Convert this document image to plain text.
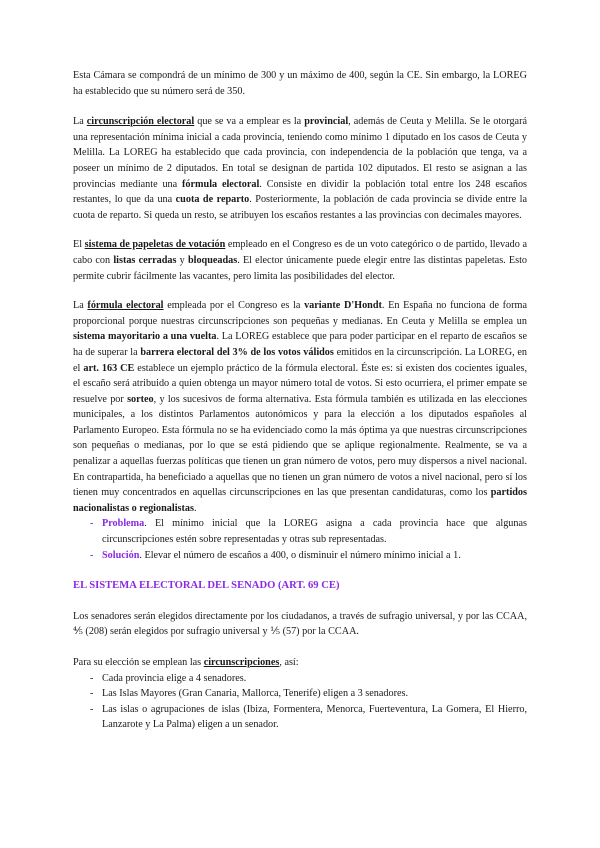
Esta Cámara se compondrá de un mínimo de 300 y un máximo de 400, según la CE. Sin embargo, la LOREG ha establecido que su número será de 350.

La circunscripción electoral que se va a emplear es la provincial, además de Ceuta y Melilla. Se le otorgará una representación mínima inicial a cada provincia, teniendo como mínimo 1 diputado en los casos de Ceuta y Melilla. La LOREG ha establecido que cada provincia, con independencia de la población que tenga, va a poseer un mínimo de 2 diputados. En total se designan de partida 102 diputados. El resto se asignan a las provincias mediante una fórmula electoral. Consiste en dividir la población total entre los 248 escaños restantes, lo que da una cuota de reparto. Posteriormente, la población de cada provincia se divide entre la cuota de reparto. Si queda un resto, se atribuyen los escaños restantes a las provincias con decimales mayores.

El sistema de papeletas de votación empleado en el Congreso es de un voto categórico o de partido, llevado a cabo con listas cerradas y bloqueadas. El elector únicamente puede elegir entre las distintas papeletas. Esto permite cubrir fácilmente las vacantes, pero limita las posibilidades del elector.

La fórmula electoral empleada por el Congreso es la variante D'Hondt. En España no funciona de forma proporcional porque nuestras circunscripciones son pequeñas y medianas. En Ceuta y Melilla se emplea un sistema mayoritario a una vuelta. La LOREG establece que para poder participar en el reparto de escaños se ha de superar la barrera electoral del 3% de los votos válidos emitidos en la circunscripción. La LOREG, en el art. 163 CE establece un ejemplo práctico de la fórmula electoral. Éste es: si existen dos cocientes iguales, el escaño será atribuido a quien obtenga un mayor número total de votos. Si esto ocurriera, el primer empate se resuelve por sorteo, y los sucesivos de forma alternativa. Esta fórmula también es utilizada en las elecciones municipales, a los distintos Parlamentos autonómicos y para la elección a los diputados españoles al Parlamento Europeo. Esta fórmula no se ha evidenciado como la más óptima ya que nuestras circunscripciones son pequeñas o medianas, por lo que se está pidiendo que se aplique regionalmente. Realmente, se va a penalizar a aquellas fuerzas políticas que tienen un gran número de votos, pero muy dispersos a nivel nacional. En contrapartida, ha beneficiado a aquellas que no tienen un gran número de votos a nivel nacional, pero sí los tienen muy concentrados en aquellas circunscripciones en las que presentan candidaturas, como los partidos nacionalistas o regionalistas.

- Problema. El mínimo inicial que la LOREG asigna a cada provincia hace que algunas circunscripciones estén sobre representadas y otras sub representadas.
- Solución. Elevar el número de escaños a 400, o disminuir el número mínimo inicial a 1.

EL SISTEMA ELECTORAL DEL SENADO (ART. 69 CE)

Los senadores serán elegidos directamente por los ciudadanos, a través de sufragio universal, y por las CCAA, ⅘ (208) serán elegidos por sufragio universal y ⅕ (57) por la CCAA.

Para su elección se emplean las circunscripciones, así:

- Cada provincia elige a 4 senadores.
- Las Islas Mayores (Gran Canaria, Mallorca, Tenerife) eligen a 3 senadores.
- Las islas o agrupaciones de islas (Ibiza, Formentera, Menorca, Fuerteventura, La Gomera, El Hierro, Lanzarote y La Palma) eligen a un senador.
